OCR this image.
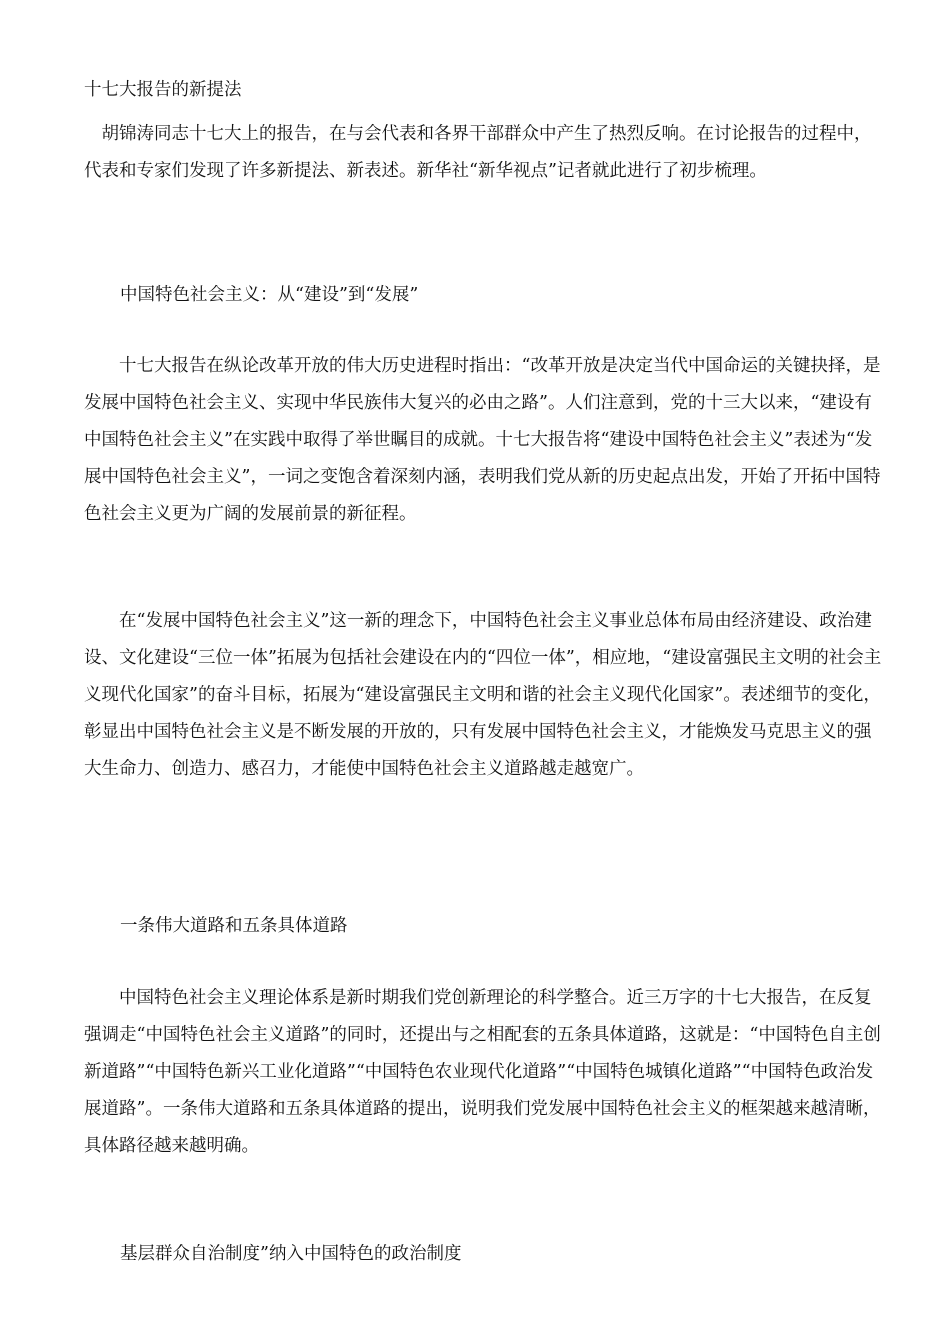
十七大报告的新提法

胡锦涛同志十七大上的报告，在与会代表和各界干部群众中产生了热烈反响。在讨论报告的过程中，代表和专家们发现了许多新提法、新表述。新华社“新华视点”记者就此进行了初步梳理。

中国特色社会主义：从“建设”到“发展”

十七大报告在纵论改革开放的伟大历史进程时指出：“改革开放是决定当代中国命运的关键抉择，是发展中国特色社会主义、实现中华民族伟大复兴的必由之路”。人们注意到，党的十三大以来，“建设有中国特色社会主义”在实践中取得了举世瞩目的成就。十七大报告将“建设中国特色社会主义”表述为“发展中国特色社会主义”，一词之变饱含着深刻内涵，表明我们党从新的历史起点出发，开始了开拓中国特色社会主义更为广阔的发展前景的新征程。

在“发展中国特色社会主义”这一新的理念下，中国特色社会主义事业总体布局由经济建设、政治建设、文化建设“三位一体”拓展为包括社会建设在内的“四位一体”，相应地，“建设富强民主文明的社会主义现代化国家”的奋斗目标，拓展为“建设富强民主文明和谐的社会主义现代化国家”。表述细节的变化，彰显出中国特色社会主义是不断发展的开放的，只有发展中国特色社会主义，才能焕发马克思主义的强大生命力、创造力、感召力，才能使中国特色社会主义道路越走越宽广。

一条伟大道路和五条具体道路

中国特色社会主义理论体系是新时期我们党创新理论的科学整合。近三万字的十七大报告，在反复强调走“中国特色社会主义道路”的同时，还提出与之相配套的五条具体道路，这就是：“中国特色自主创新道路”“中国特色新兴工业化道路”“中国特色农业现代化道路”“中国特色城镇化道路”“中国特色政治发展道路”。一条伟大道路和五条具体道路的提出，说明我们党发展中国特色社会主义的框架越来越清晰，具体路径越来越明确。

基层群众自治制度”纳入中国特色的政治制度
